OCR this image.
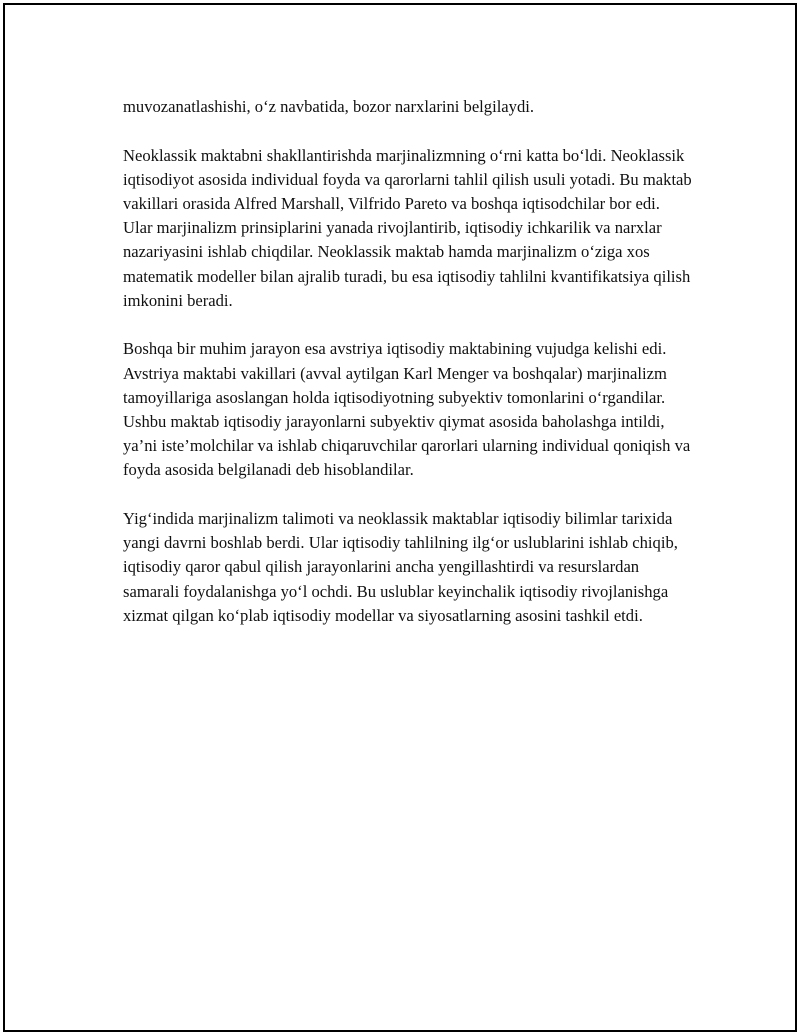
muvozanatlashishi, o‘z navbatida, bozor narxlarini belgilaydi.

Neoklassik maktabni shakllantirishda marjinalizmning o‘rni katta bo‘ldi. Neoklassik iqtisodiyot asosida individual foyda va qarorlarni tahlil qilish usuli yotadi. Bu maktab vakillari orasida Alfred Marshall, Vilfrido Pareto va boshqa iqtisodchilar bor edi. Ular marjinalizm prinsiplarini yanada rivojlantirib, iqtisodiy ichkarilik va narxlar nazariyasini ishlab chiqdilar. Neoklassik maktab hamda marjinalizm o‘ziga xos matematik modeller bilan ajralib turadi, bu esa iqtisodiy tahlilni kvantifikatsiya qilish imkonini beradi.

Boshqa bir muhim jarayon esa avstriya iqtisodiy maktabining vujudga kelishi edi. Avstriya maktabi vakillari (avval aytilgan Karl Menger va boshqalar) marjinalizm tamoyillariga asoslangan holda iqtisodiyotning subyektiv tomonlarini o‘rgandilar. Ushbu maktab iqtisodiy jarayonlarni subyektiv qiymat asosida baholashga intildi, ya’ni iste’molchilar va ishlab chiqaruvchilar qarorlari ularning individual qoniqish va foyda asosida belgilanadi deb hisoblandilar.

Yig‘indida marjinalizm talimoti va neoklassik maktablar iqtisodiy bilimlar tarixida yangi davrni boshlab berdi. Ular iqtisodiy tahlilning ilg‘or uslublarini ishlab chiqib, iqtisodiy qaror qabul qilish jarayonlarini ancha yengillashtirdi va resurslardan samarali foydalanishga yo‘l ochdi. Bu uslublar keyinchalik iqtisodiy rivojlanishga xizmat qilgan ko‘plab iqtisodiy modellar va siyosatlarning asosini tashkil etdi.
